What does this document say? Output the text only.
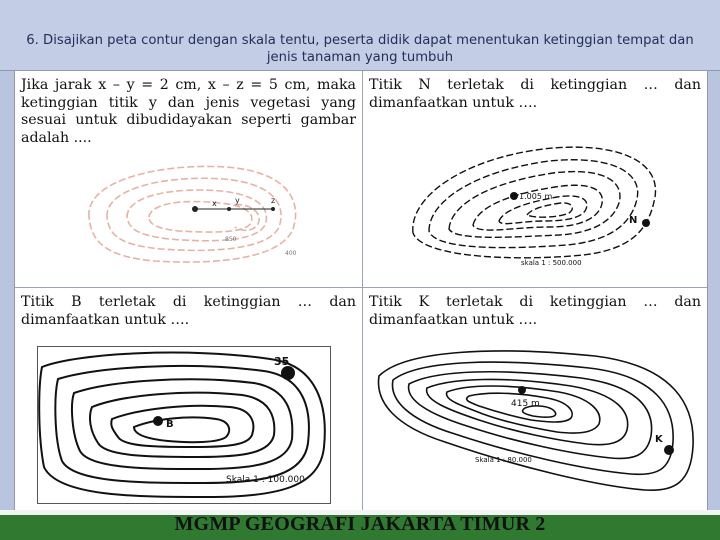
6. Disajikan peta contur dengan skala tentu, peserta didik dapat menentukan ketinggian tempat dan jenis tanaman yang tumbuh
Jika jarak x – y = 2 cm, x – z = 5 cm, maka ketinggian titik y dan jenis vegetasi yang sesuai untuk dibudidayakan seperti gambar adalah ....
x y	z
850
400
Titik N terletak di ketinggian … dan dimanfaatkan untuk ….
1.005 m
N
skala 1 : 500.000
Titik B terletak di ketinggian … dan dimanfaatkan untuk ….
35
B
Skala 1 : 100.000
Titik K terletak di ketinggian … dan dimanfaatkan untuk ….
415 m
K
Skala 1 : 80.000
MGMP GEOGRAFI JAKARTA TIMUR 2
